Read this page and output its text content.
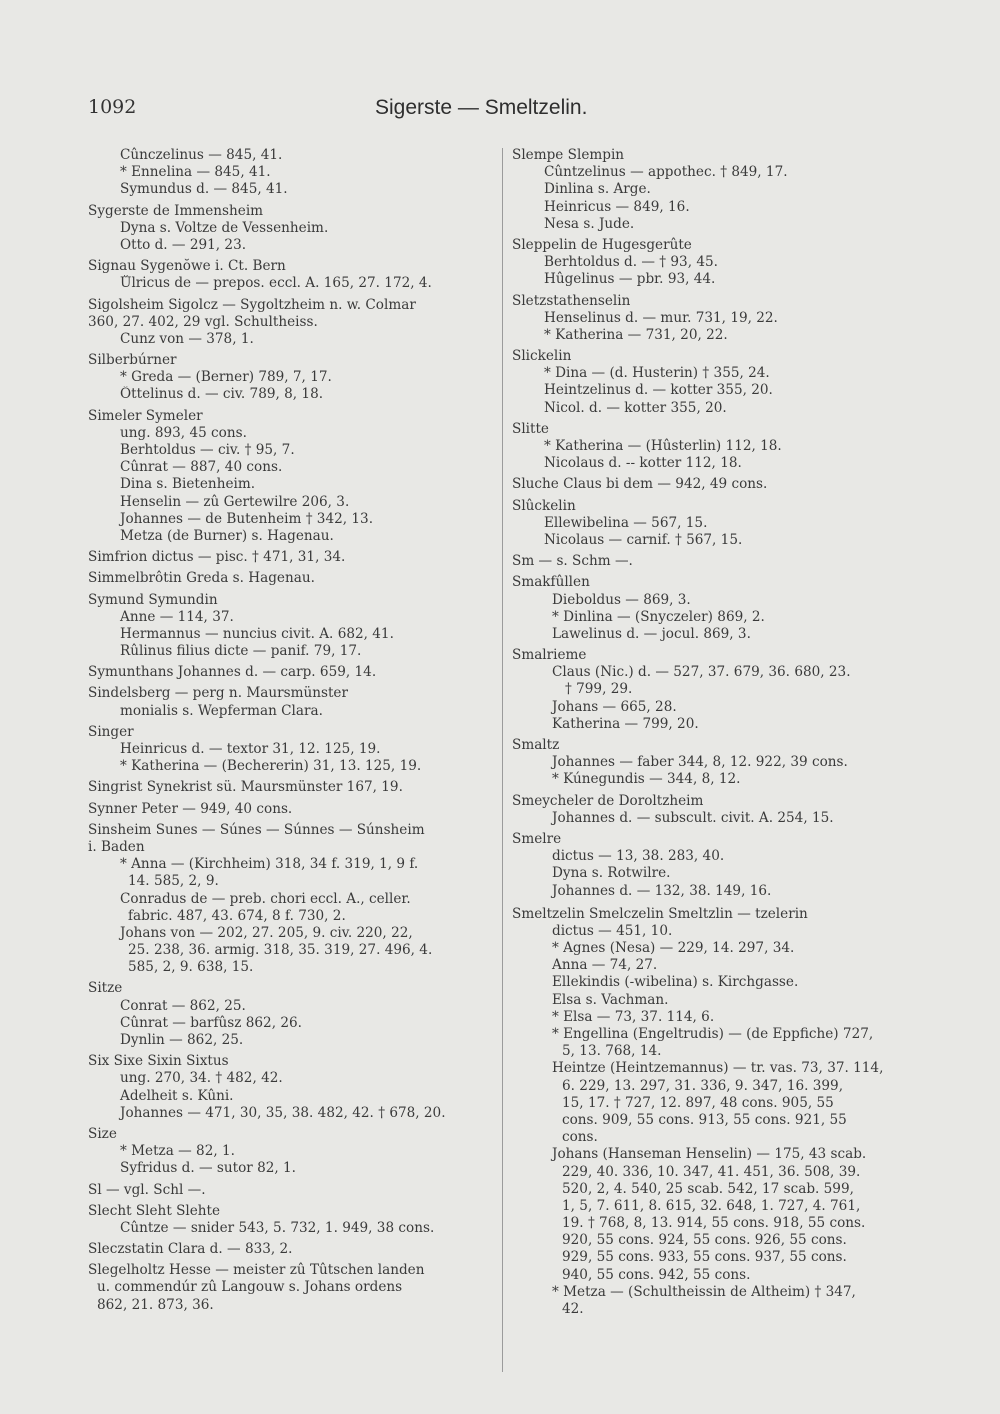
1092	Sigerste — Smeltzelin.
Cûnczelinus — 845, 41.
* Ennelina — 845, 41.
Symundus d. — 845, 41.
Sygerste de Immensheim
Dyna s. Voltze de Vessenheim.
Otto d. — 291, 23.
Signau Sygenŏwe i. Ct. Bern
Ůlricus de — prepos. eccl. A. 165, 27. 172, 4.
Sigolsheim Sigolcz — Sygoltzheim n. w. Colmar
360, 27. 402, 29 vgl. Schultheiss.
Cunz von — 378, 1.
Silberbúrner
* Greda — (Berner) 789, 7, 17.
Öttelinus d. — civ. 789, 8, 18.
Simeler Symeler
ung. 893, 45 cons.
Berhtoldus — civ. † 95, 7.
Cûnrat — 887, 40 cons.
Dina s. Bietenheim.
Henselin — zû Gertewilre 206, 3.
Johannes — de Butenheim † 342, 13.
Metza (de Burner) s. Hagenau.
Simfrion dictus — pisc. † 471, 31, 34.
Simmelbrôtin Greda s. Hagenau.
Symund Symundin
Anne — 114, 37.
Hermannus — nuncius civit. A. 682, 41.
Rûlinus filius dicte — panif. 79, 17.
Symunthans Johannes d. — carp. 659, 14.
Sindelsberg — perg n. Maursmünster
monialis s. Wepferman Clara.
Singer
Heinricus d. — textor 31, 12. 125, 19.
* Katherina — (Bechererin) 31, 13. 125, 19.
Singrist Synekrist sü. Maursmünster 167, 19.
Synner Peter — 949, 40 cons.
Sinsheim Sunes — Súnes — Súnnes — Súnsheim
i. Baden
* Anna — (Kirchheim) 318, 34 f. 319, 1, 9 f.
14. 585, 2, 9.
Conradus de — preb. chori eccl. A., celler.
fabric. 487, 43. 674, 8 f. 730, 2.
Johans von — 202, 27. 205, 9. civ. 220, 22,
25. 238, 36. armig. 318, 35. 319, 27. 496, 4.
585, 2, 9. 638, 15.
Sitze
Conrat — 862, 25.
Cûnrat — barfûsz 862, 26.
Dynlin — 862, 25.
Six Sixe Sixin Sixtus
ung. 270, 34. † 482, 42.
Adelheit s. Kûni.
Johannes — 471, 30, 35, 38. 482, 42. † 678, 20.
Size
* Metza — 82, 1.
Syfridus d. — sutor 82, 1.
Sl — vgl. Schl —.
Slecht Sleht Slehte
Cûntze — snider 543, 5. 732, 1. 949, 38 cons.
Sleczstatin Clara d. — 833, 2.
Slegelholtz Hesse — meister zû Tûtschen landen
u. commendúr zû Langouw s. Johans ordens
862, 21. 873, 36.
Slempe Slempin
Cûntzelinus — appothec. † 849, 17.
Dinlina s. Arge.
Heinricus — 849, 16.
Nesa s. Jude.
Sleppelin de Hugesgerûte
Berhtoldus d. — † 93, 45.
Hûgelinus — pbr. 93, 44.
Sletzstathenselin
Henselinus d. — mur. 731, 19, 22.
* Katherina — 731, 20, 22.
Slickelin
* Dina — (d. Husterin) † 355, 24.
Heintzelinus d. — kotter 355, 20.
Nicol. d. — kotter 355, 20.
Slitte
* Katherina — (Hûsterlin) 112, 18.
Nicolaus d. -- kotter 112, 18.
Sluche Claus bi dem — 942, 49 cons.
Slûckelin
Ellewibelina — 567, 15.
Nicolaus — carnif. † 567, 15.
Sm — s. Schm —.
Smakfûllen
Dieboldus — 869, 3.
* Dinlina — (Snyczeler) 869, 2.
Lawelinus d. — jocul. 869, 3.
Smalrieme
Claus (Nic.) d. — 527, 37. 679, 36. 680, 23.
† 799, 29.
Johans — 665, 28.
Katherina — 799, 20.
Smaltz
Johannes — faber 344, 8, 12. 922, 39 cons.
* Kúnegundis — 344, 8, 12.
Smeycheler de Doroltzheim
Johannes d. — subscult. civit. A. 254, 15.
Smelre
dictus — 13, 38. 283, 40.
Dyna s. Rotwilre.
Johannes d. — 132, 38. 149, 16.
Smeltzelin Smelczelin Smeltzlin — tzelerin
dictus — 451, 10.
* Agnes (Nesa) — 229, 14. 297, 34.
Anna — 74, 27.
Ellekindis (-wibelina) s. Kirchgasse.
Elsa s. Vachman.
* Elsa — 73, 37. 114, 6.
* Engellina (Engeltrudis) — (de Eppfiche) 727,
5, 13. 768, 14.
Heintze (Heintzemannus) — tr. vas. 73, 37. 114,
6. 229, 13. 297, 31. 336, 9. 347, 16. 399,
15, 17. † 727, 12. 897, 48 cons. 905, 55
cons. 909, 55 cons. 913, 55 cons. 921, 55
cons.
Johans (Hanseman Henselin) — 175, 43 scab.
229, 40. 336, 10. 347, 41. 451, 36. 508, 39.
520, 2, 4. 540, 25 scab. 542, 17 scab. 599,
1, 5, 7. 611, 8. 615, 32. 648, 1. 727, 4. 761,
19. † 768, 8, 13. 914, 55 cons. 918, 55 cons.
920, 55 cons. 924, 55 cons. 926, 55 cons.
929, 55 cons. 933, 55 cons. 937, 55 cons.
940, 55 cons. 942, 55 cons.
* Metza — (Schultheissin de Altheim) † 347,
42.
